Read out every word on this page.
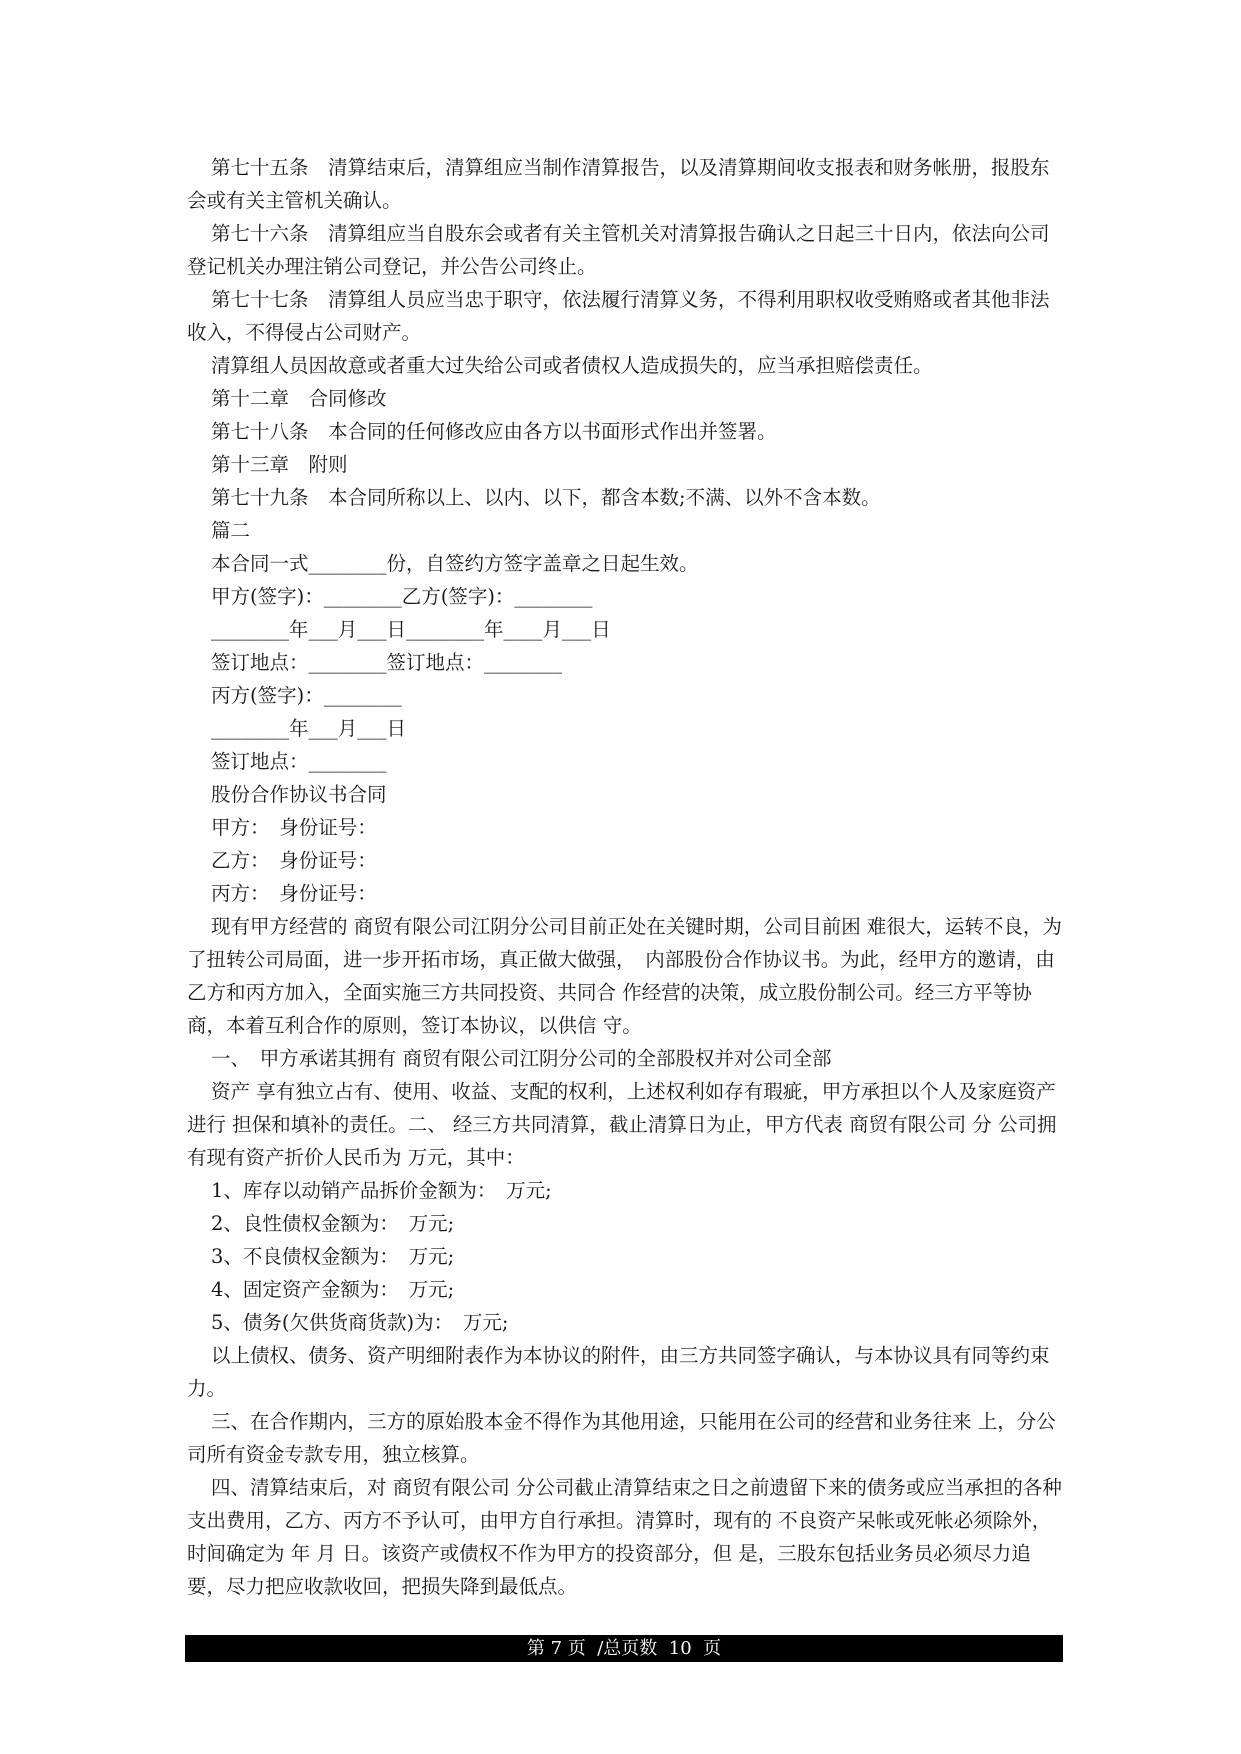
第七十五条　清算结束后，清算组应当制作清算报告，以及清算期间收支报表和财务帐册，报股东会或有关主管机关确认。

第七十六条　清算组应当自股东会或者有关主管机关对清算报告确认之日起三十日内，依法向公司登记机关办理注销公司登记，并公告公司终止。

第七十七条　清算组人员应当忠于职守，依法履行清算义务，不得利用职权收受贿赂或者其他非法收入，不得侵占公司财产。

清算组人员因故意或者重大过失给公司或者债权人造成损失的，应当承担赔偿责任。

第十二章　合同修改

第七十八条　本合同的任何修改应由各方以书面形式作出并签署。

第十三章　附则

第七十九条　本合同所称以上、以内、以下，都含本数;不满、以外不含本数。

篇二

本合同一式________份，自签约方签字盖章之日起生效。

甲方(签字)：________乙方(签字)：________

________年___月___日________年____月___日

签订地点：________签订地点：________

丙方(签字)：________

________年___月___日

签订地点：________

股份合作协议书合同

甲方：　身份证号：

乙方：　身份证号：

丙方：　身份证号：

现有甲方经营的 商贸有限公司江阴分公司目前正处在关键时期，公司目前困 难很大，运转不良，为了扭转公司局面，进一步开拓市场，真正做大做强，　内部股份合作协议书。为此，经甲方的邀请，由乙方和丙方加入，全面实施三方共同投资、共同合 作经营的决策，成立股份制公司。经三方平等协商，本着互利合作的原则，签订本协议，以供信 守。

一、　甲方承诺其拥有 商贸有限公司江阴分公司的全部股权并对公司全部

资产 享有独立占有、使用、收益、支配的权利，上述权利如存有瑕疵，甲方承担以个人及家庭资产进行 担保和填补的责任。二、 经三方共同清算，截止清算日为止，甲方代表 商贸有限公司 分 公司拥有现有资产折价人民币为 万元，其中：

1、库存以动销产品拆价金额为：　万元;

2、良性债权金额为：　万元;

3、不良债权金额为：　万元;

4、固定资产金额为：　万元;

5、债务(欠供货商货款)为：　万元;

以上债权、债务、资产明细附表作为本协议的附件，由三方共同签字确认，与本协议具有同等约束力。

三、在合作期内，三方的原始股本金不得作为其他用途，只能用在公司的经营和业务往来 上，分公司所有资金专款专用，独立核算。

四、清算结束后，对 商贸有限公司 分公司截止清算结束之日之前遗留下来的债务或应当承担的各种支出费用，乙方、丙方不予认可，由甲方自行承担。清算时，现有的 不良资产呆帐或死帐必须除外，时间确定为 年 月 日。该资产或债权不作为甲方的投资部分，但 是，三股东包括业务员必须尽力追要，尽力把应收款收回，把损失降到最低点。

第 7 页  /总页数  10  页
